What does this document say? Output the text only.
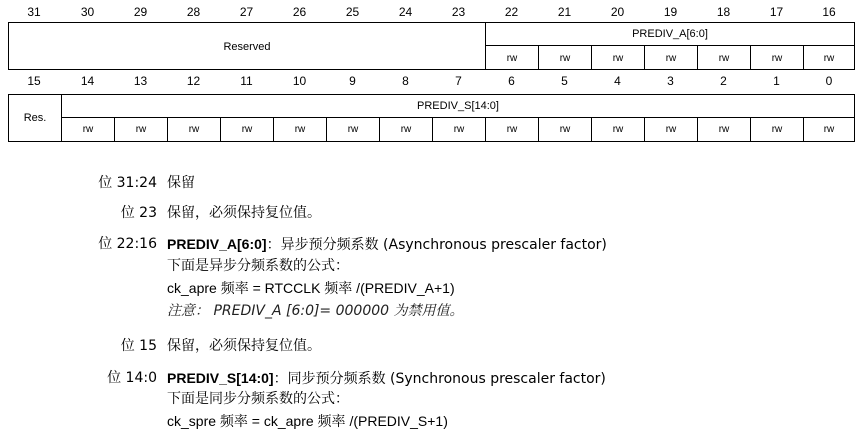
31	30	29	28	27	26	25	24	23	22	21	20	19	18	17	16
Reserved
PREDIV_A[6:0]
rw	rw	rw	rw	rw	rw	rw
15	14	13	12	11	10	9	8	7	6	5	4	3	2	1	0
Res.
PREDIV_S[14:0]
rw	rw	rw	rw	rw	rw	rw	rw	rw	rw	rw	rw	rw	rw	rw
位 31:24 保留
位 23 保留，必须保持复位值。
位 22:16 PREDIV_A[6:0]：异步预分频系数 (Asynchronous prescaler factor)
下面是异步分频系数的公式：
ck_apre 频率 = RTCCLK 频率 /(PREDIV_A+1)
注意： PREDIV_A [6:0]= 000000 为禁用值。
位 15 保留，必须保持复位值。
位 14:0 PREDIV_S[14:0]：同步预分频系数 (Synchronous prescaler factor)
下面是同步分频系数的公式：
ck_spre 频率 = ck_apre 频率 /(PREDIV_S+1)
